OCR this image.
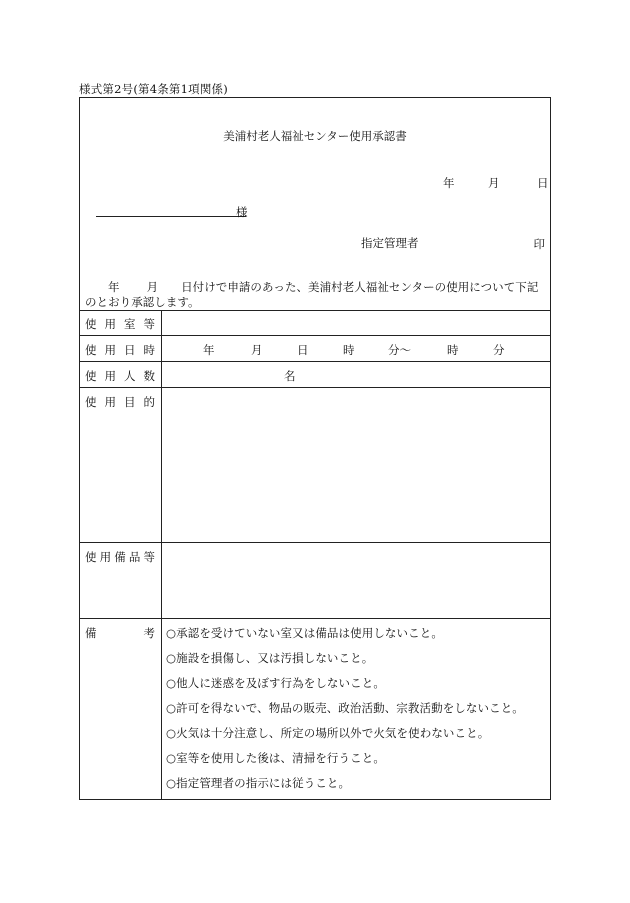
様式第2号(第4条第1項関係)
美浦村老人福祉センター使用承認書
年	月	日
様
指定管理者	印
年 月 日付けで申請のあった、美浦村老人福祉センターの使用について下記のとおり承認します。
使用室等
使用日時	年	月	日	時	分〜	時	分
使用人数	名
使用目的
使用備品等
備考 ○承認を受けていない室又は備品は使用しないこと。
○施設を損傷し、又は汚損しないこと。
○他人に迷惑を及ぼす行為をしないこと。
○許可を得ないで、物品の販売、政治活動、宗教活動をしないこと。
○火気は十分注意し、所定の場所以外で火気を使わないこと。
○室等を使用した後は、清掃を行うこと。
○指定管理者の指示には従うこと。
